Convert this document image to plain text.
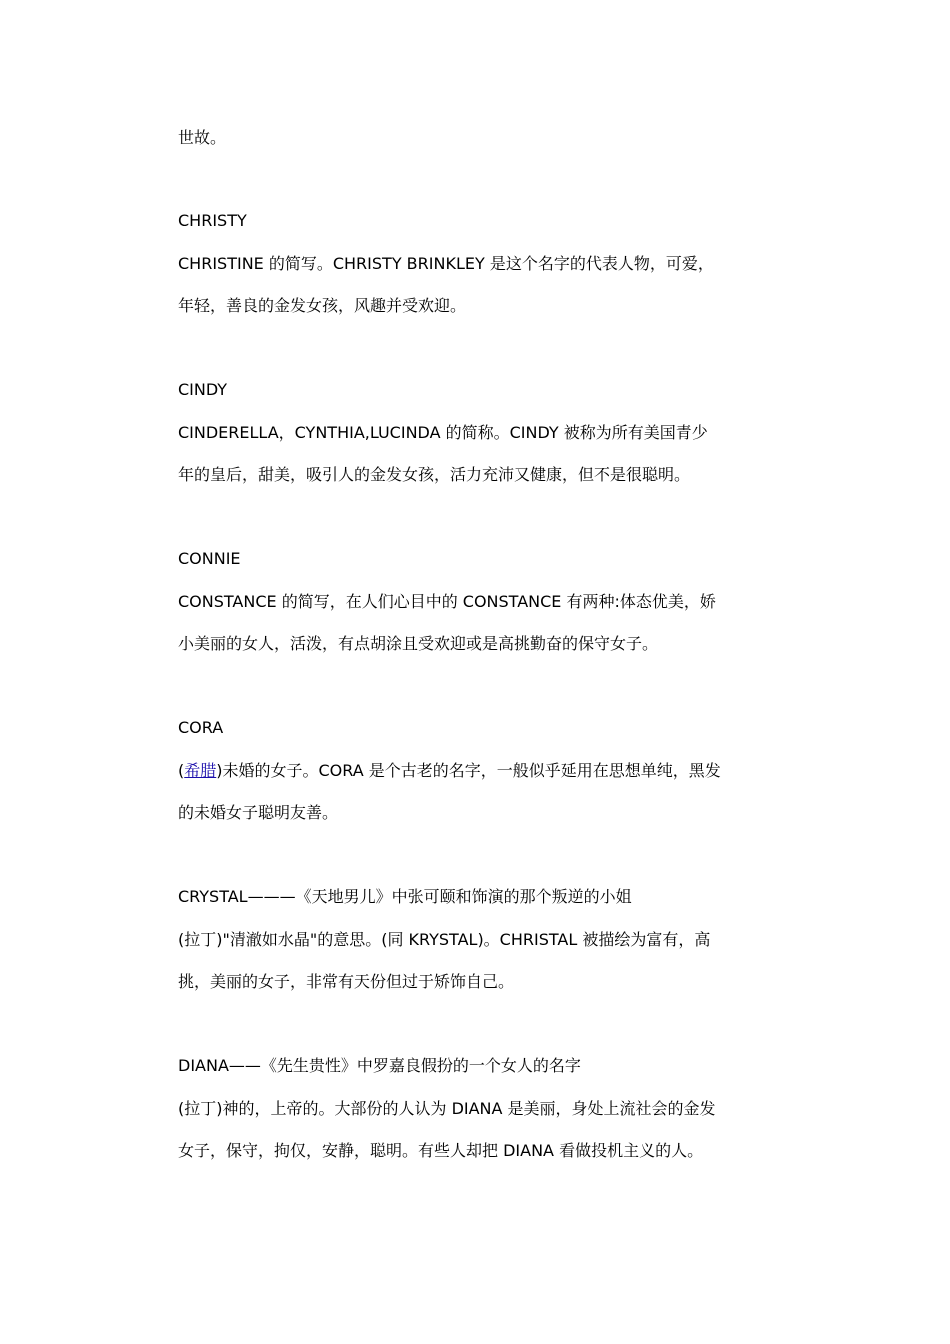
世故。
CHRISTY
CHRISTINE 的简写。CHRISTY BRINKLEY 是这个名字的代表人物，可爱，
年轻，善良的金发女孩，风趣并受欢迎。
CINDY
CINDERELLA，CYNTHIA,LUCINDA 的简称。CINDY 被称为所有美国青少
年的皇后，甜美，吸引人的金发女孩，活力充沛又健康，但不是很聪明。
CONNIE
CONSTANCE 的简写，在人们心目中的 CONSTANCE 有两种:体态优美，娇
小美丽的女人，活泼，有点胡涂且受欢迎或是高挑勤奋的保守女子。
CORA
(希腊)未婚的女子。CORA 是个古老的名字，一般似乎延用在思想单纯，黑发
的未婚女子聪明友善。
CRYSTAL———《天地男儿》中张可颐和饰演的那个叛逆的小姐
(拉丁)"清澈如水晶"的意思。(同 KRYSTAL)。CHRISTAL 被描绘为富有，高
挑，美丽的女子，非常有天份但过于矫饰自己。
DIANA——《先生贵性》中罗嘉良假扮的一个女人的名字
(拉丁)神的，上帝的。大部份的人认为 DIANA 是美丽，身处上流社会的金发
女子，保守，拘仅，安静，聪明。有些人却把 DIANA 看做投机主义的人。
